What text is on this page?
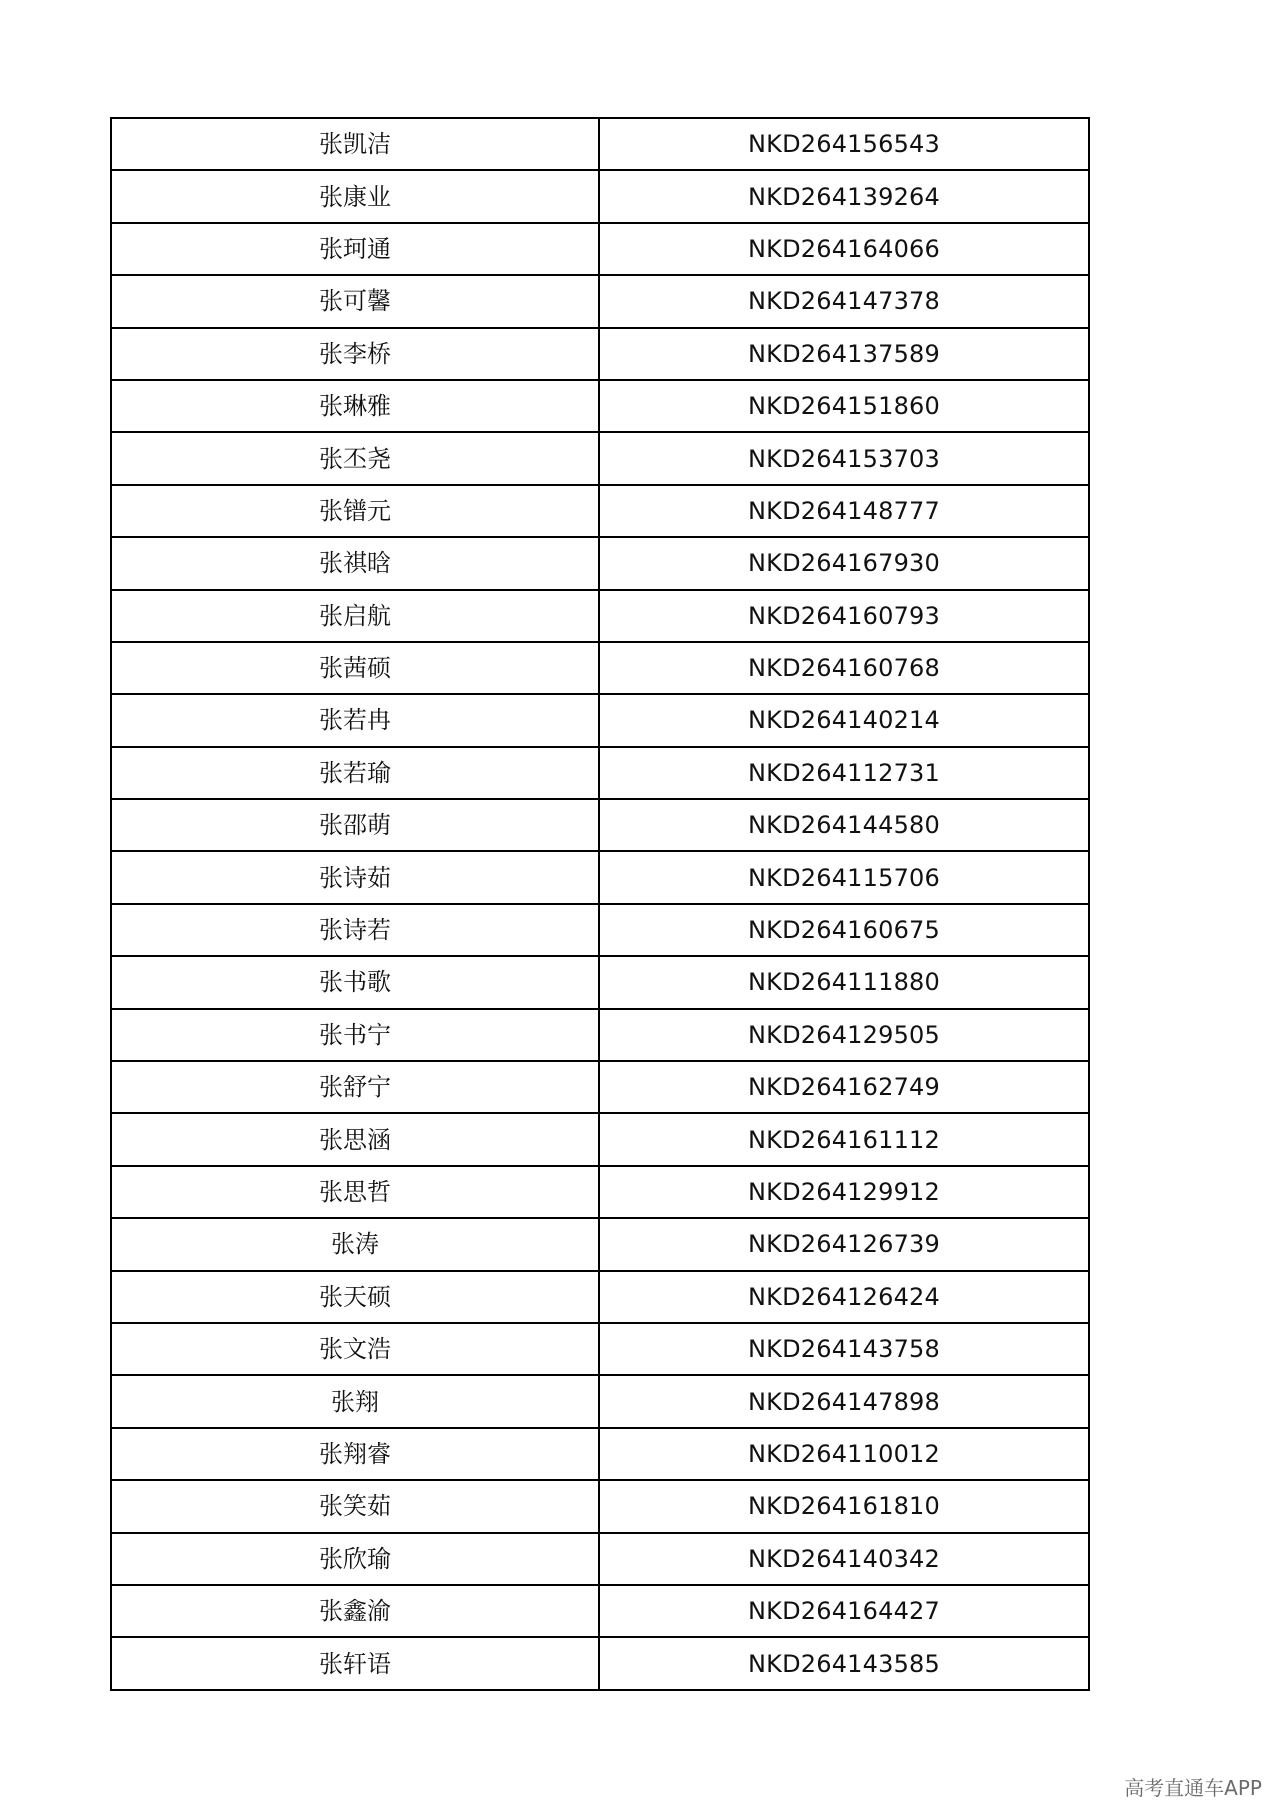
张凯洁	NKD264156543
张康业	NKD264139264
张珂通	NKD264164066
张可馨	NKD264147378
张李桥	NKD264137589
张琳雅	NKD264151860
张丕尧	NKD264153703
张镨元	NKD264148777
张祺晗	NKD264167930
张启航	NKD264160793
张茜硕	NKD264160768
张若冉	NKD264140214
张若瑜	NKD264112731
张邵萌	NKD264144580
张诗茹	NKD264115706
张诗若	NKD264160675
张书歌	NKD264111880
张书宁	NKD264129505
张舒宁	NKD264162749
张思涵	NKD264161112
张思哲	NKD264129912
张涛	NKD264126739
张天硕	NKD264126424
张文浩	NKD264143758
张翔	NKD264147898
张翔睿	NKD264110012
张笑茹	NKD264161810
张欣瑜	NKD264140342
张鑫渝	NKD264164427
张轩语	NKD264143585
高考直通车APP
